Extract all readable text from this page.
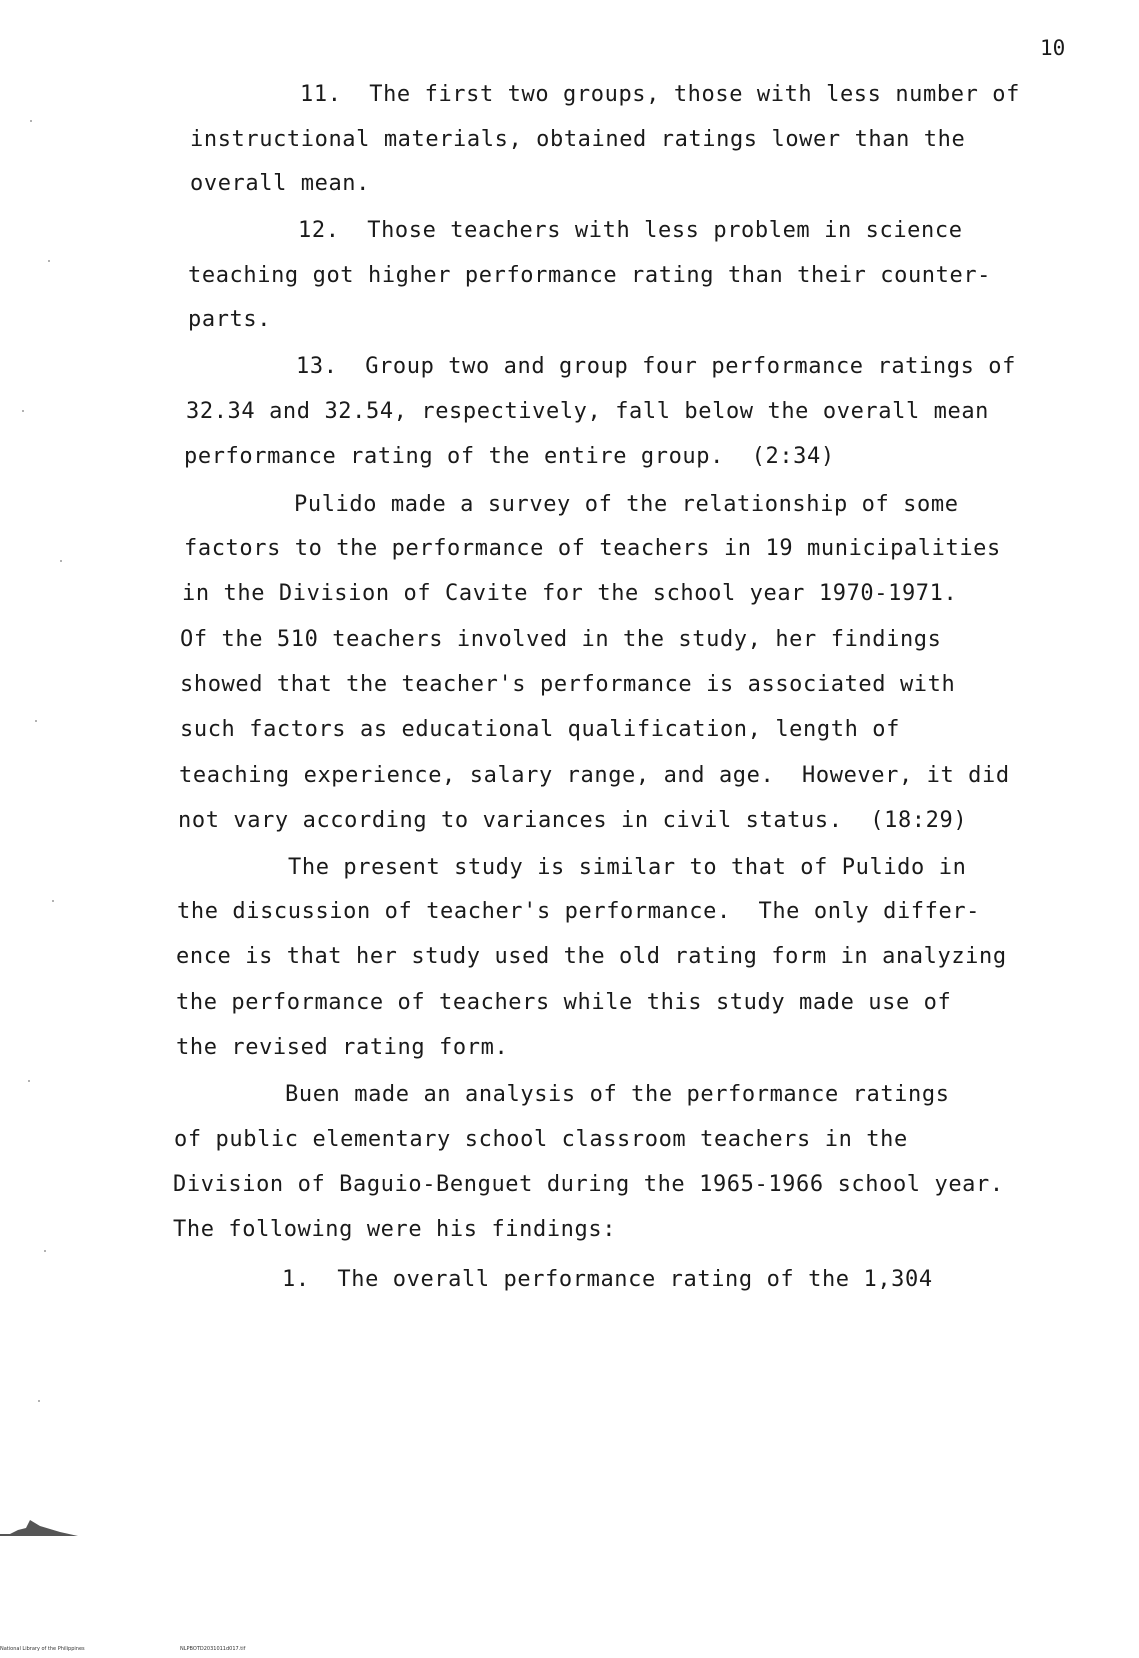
10
11.  The first two groups, those with less number of
instructional materials, obtained ratings lower than the
overall mean.
12.  Those teachers with less problem in science
teaching got higher performance rating than their counter-
parts.
13.  Group two and group four performance ratings of
32.34 and 32.54, respectively, fall below the overall mean
performance rating of the entire group.  (2:34)
Pulido made a survey of the relationship of some
factors to the performance of teachers in 19 municipalities
in the Division of Cavite for the school year 1970-1971.
Of the 510 teachers involved in the study, her findings
showed that the teacher's performance is associated with
such factors as educational qualification, length of
teaching experience, salary range, and age.  However, it did
not vary according to variances in civil status.  (18:29)
The present study is similar to that of Pulido in
the discussion of teacher's performance.  The only differ-
ence is that her study used the old rating form in analyzing
the performance of teachers while this study made use of
the revised rating form.
Buen made an analysis of the performance ratings
of public elementary school classroom teachers in the
Division of Baguio-Benguet during the 1965-1966 school year.
The following were his findings:
1.  The overall performance rating of the 1,304
National Library of the Philippines	NLPBOTD2031011d017.tif
